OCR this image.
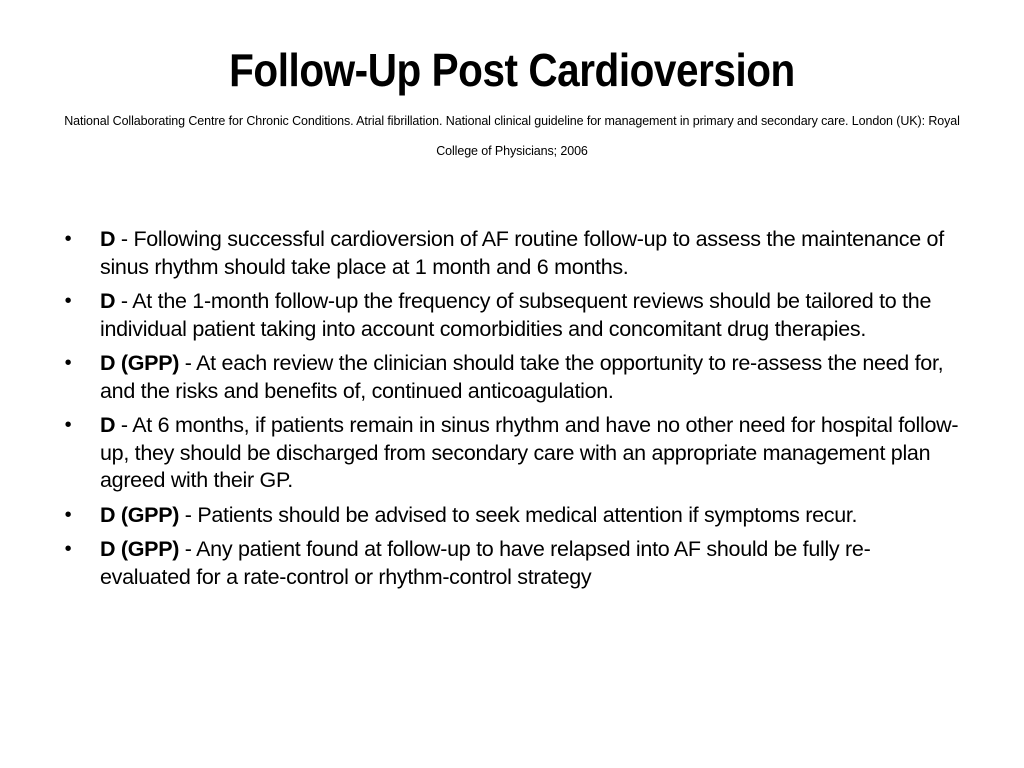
Follow-Up Post Cardioversion
National Collaborating Centre for Chronic Conditions. Atrial fibrillation. National clinical guideline for management in primary and secondary care. London (UK): Royal College of Physicians; 2006
• D - Following successful cardioversion of AF routine follow-up to assess the maintenance of sinus rhythm should take place at 1 month and 6 months.
• D - At the 1-month follow-up the frequency of subsequent reviews should be tailored to the individual patient taking into account comorbidities and concomitant drug therapies.
• D (GPP) - At each review the clinician should take the opportunity to re-assess the need for, and the risks and benefits of, continued anticoagulation.
• D - At 6 months, if patients remain in sinus rhythm and have no other need for hospital follow-up, they should be discharged from secondary care with an appropriate management plan agreed with their GP.
• D (GPP) - Patients should be advised to seek medical attention if symptoms recur.
• D (GPP) - Any patient found at follow-up to have relapsed into AF should be fully re-evaluated for a rate-control or rhythm-control strategy
